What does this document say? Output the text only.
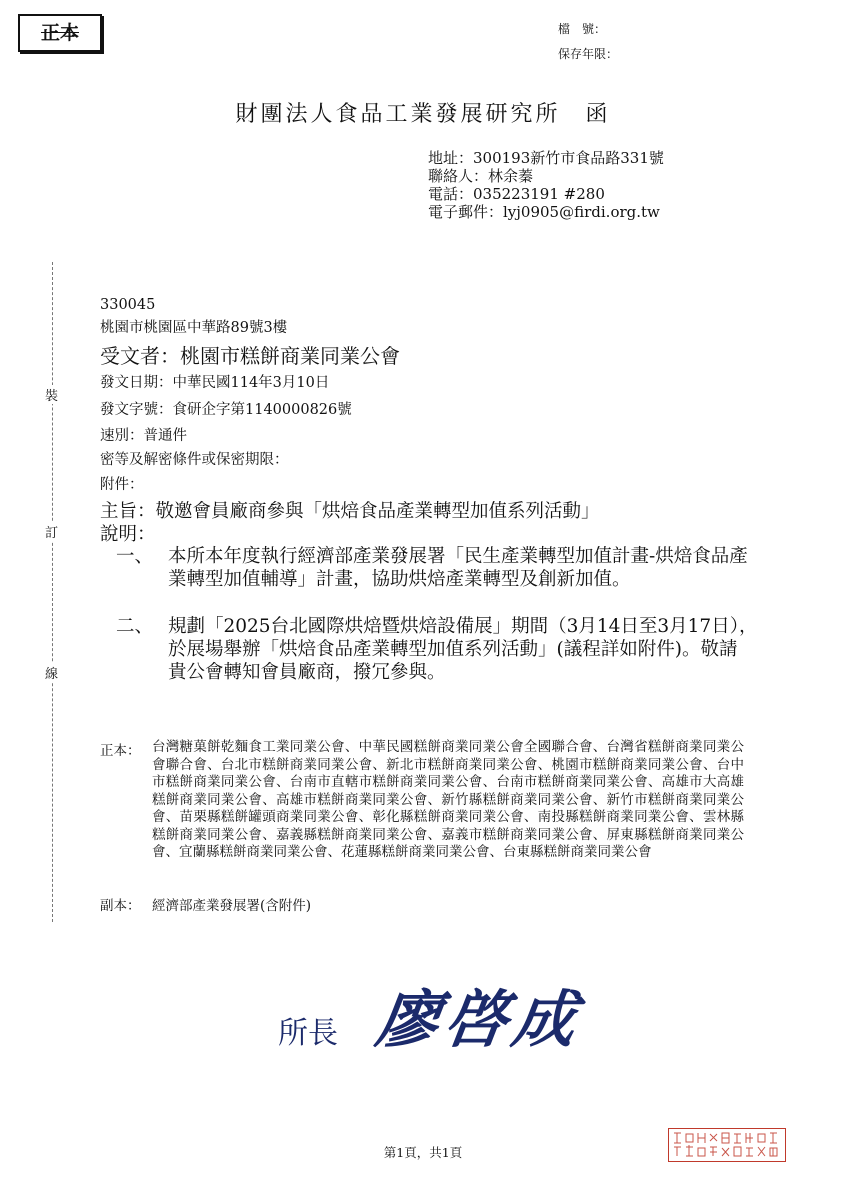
正本	檔　號：
保存年限：
財團法人食品工業發展研究所　函
地址：300193新竹市食品路331號
聯絡人：林余蓁
電話：035223191 #280
電子郵件：lyj0905@firdi.org.tw
裝
訂
線
330045
桃園市桃園區中華路89號3樓
受文者：桃園市糕餅商業同業公會
發文日期：中華民國114年3月10日
發文字號：食研企字第1140000826號
速別：普通件
密等及解密條件或保密期限：
附件：
主旨：敬邀會員廠商參與「烘焙食品產業轉型加值系列活動」
說明：
一、 本所本年度執行經濟部產業發展署「民生產業轉型加值計畫-烘焙食品產業轉型加值輔導」計畫，協助烘焙產業轉型及創新加值。
二、 規劃「2025台北國際烘焙暨烘焙設備展」期間（3月14日至3月17日），於展場舉辦「烘焙食品產業轉型加值系列活動」(議程詳如附件)。敬請　貴公會轉知會員廠商，撥冗參與。
正本： 台灣糖菓餅乾麵食工業同業公會、中華民國糕餅商業同業公會全國聯合會、台灣省糕餅商業同業公會聯合會、台北市糕餅商業同業公會、新北市糕餅商業同業公會、桃園市糕餅商業同業公會、台中市糕餅商業同業公會、台南市直轄市糕餅商業同業公會、台南市糕餅商業同業公會、高雄市大高雄糕餅商業同業公會、高雄市糕餅商業同業公會、新竹縣糕餅商業同業公會、新竹市糕餅商業同業公會、苗栗縣糕餅罐頭商業同業公會、彰化縣糕餅商業同業公會、南投縣糕餅商業同業公會、雲林縣糕餅商業同業公會、嘉義縣糕餅商業同業公會、嘉義市糕餅商業同業公會、屏東縣糕餅商業同業公會、宜蘭縣糕餅商業同業公會、花蓮縣糕餅商業同業公會、台東縣糕餅商業同業公會
副本： 經濟部產業發展署(含附件)
所長 廖啓成
第1頁，共1頁
